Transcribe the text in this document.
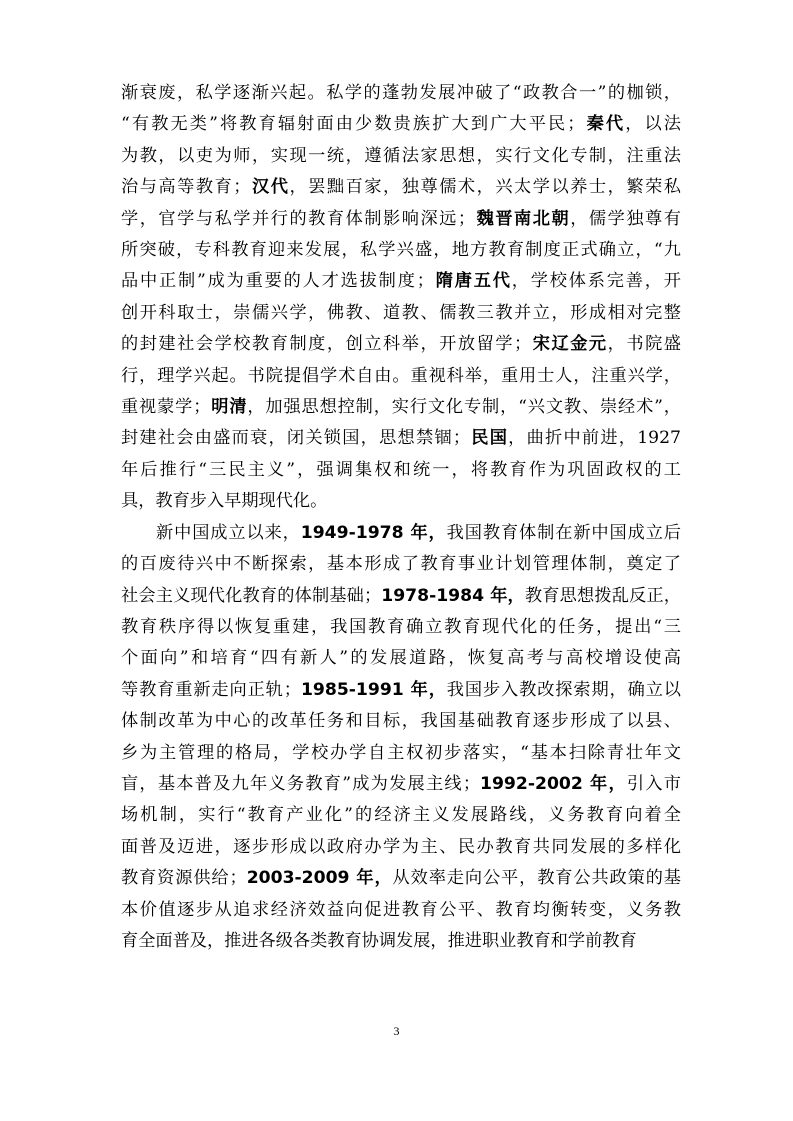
渐衰废，私学逐渐兴起。私学的蓬勃发展冲破了“政教合一”的枷锁，
“有教无类”将教育辐射面由少数贵族扩大到广大平民；秦代，以法
为教，以吏为师，实现一统，遵循法家思想，实行文化专制，注重法
治与高等教育；汉代，罢黜百家，独尊儒术，兴太学以养士，繁荣私
学，官学与私学并行的教育体制影响深远；魏晋南北朝，儒学独尊有
所突破，专科教育迎来发展，私学兴盛，地方教育制度正式确立，“九
品中正制”成为重要的人才选拔制度；隋唐五代，学校体系完善，开
创开科取士，崇儒兴学，佛教、道教、儒教三教并立，形成相对完整
的封建社会学校教育制度，创立科举，开放留学；宋辽金元，书院盛
行，理学兴起。书院提倡学术自由。重视科举，重用士人，注重兴学，
重视蒙学；明清，加强思想控制，实行文化专制，“兴文教、崇经术”，
封建社会由盛而衰，闭关锁国，思想禁锢；民国，曲折中前进，1927
年后推行“三民主义”，强调集权和统一，将教育作为巩固政权的工
具，教育步入早期现代化。

新中国成立以来，1949-1978 年，我国教育体制在新中国成立后
的百废待兴中不断探索，基本形成了教育事业计划管理体制，奠定了
社会主义现代化教育的体制基础；1978-1984 年，教育思想拨乱反正，
教育秩序得以恢复重建，我国教育确立教育现代化的任务，提出“三
个面向”和培育“四有新人”的发展道路，恢复高考与高校增设使高
等教育重新走向正轨；1985-1991 年，我国步入教改探索期，确立以
体制改革为中心的改革任务和目标，我国基础教育逐步形成了以县、
乡为主管理的格局，学校办学自主权初步落实，“基本扫除青壮年文
盲，基本普及九年义务教育”成为发展主线；1992-2002 年，引入市
场机制，实行“教育产业化”的经济主义发展路线，义务教育向着全
面普及迈进，逐步形成以政府办学为主、民办教育共同发展的多样化
教育资源供给；2003-2009 年，从效率走向公平，教育公共政策的基
本价值逐步从追求经济效益向促进教育公平、教育均衡转变，义务教
育全面普及，推进各级各类教育协调发展，推进职业教育和学前教育

3
